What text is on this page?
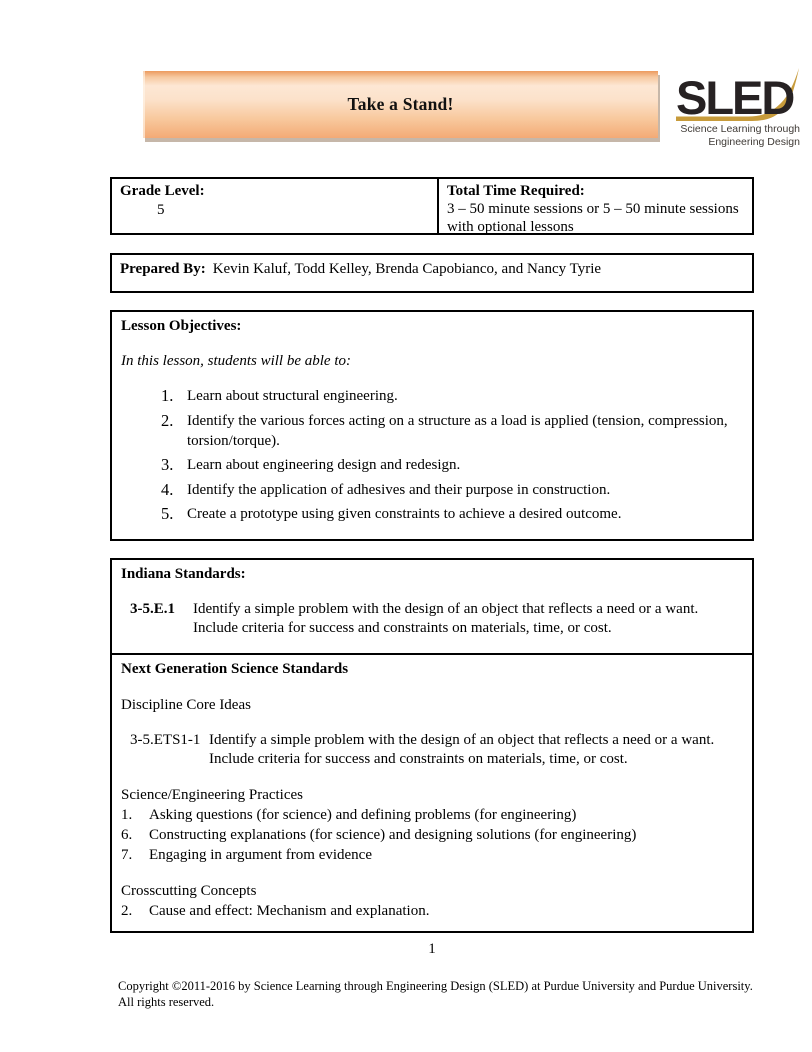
Take a Stand!	SLED
Science Learning through
Engineering Design
Grade Level:
5
Total Time Required:
3 – 50 minute sessions or 5 – 50 minute sessions with optional lessons
Prepared By: Kevin Kaluf, Todd Kelley, Brenda Capobianco, and Nancy Tyrie
Lesson Objectives:
In this lesson, students will be able to:
1. Learn about structural engineering.
2. Identify the various forces acting on a structure as a load is applied (tension, compression, torsion/torque).
3. Learn about engineering design and redesign.
4. Identify the application of adhesives and their purpose in construction.
5. Create a prototype using given constraints to achieve a desired outcome.
Indiana Standards:
3-5.E.1	Identify a simple problem with the design of an object that reflects a need or a want. Include criteria for success and constraints on materials, time, or cost.
Next Generation Science Standards
Discipline Core Ideas
3-5.ETS1-1 Identify a simple problem with the design of an object that reflects a need or a want. Include criteria for success and constraints on materials, time, or cost.
Science/Engineering Practices
1.	Asking questions (for science) and defining problems (for engineering)
6.	Constructing explanations (for science) and designing solutions (for engineering)
7.	Engaging in argument from evidence
Crosscutting Concepts
2.	Cause and effect: Mechanism and explanation.
1
Copyright ©2011-2016 by Science Learning through Engineering Design (SLED) at Purdue University and Purdue University.
All rights reserved.
